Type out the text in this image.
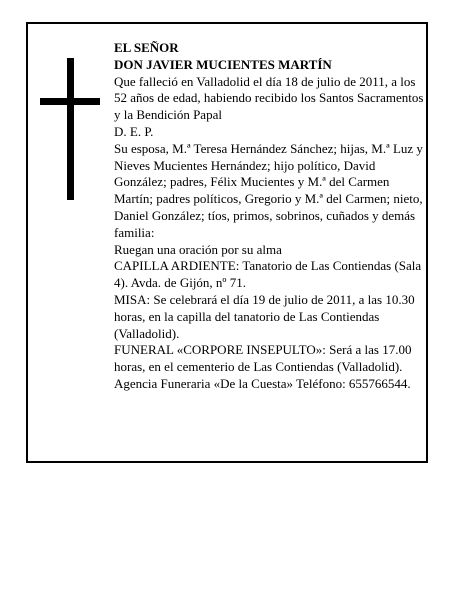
EL SEÑOR

DON JAVIER MUCIENTES MARTÍN

Que falleció en Valladolid el día 18 de julio de 2011, a los 52 años de edad, habiendo recibido los Santos Sacramentos y la Bendición Papal

D. E. P.

Su esposa, M.ª Teresa Hernández Sánchez; hijas, M.ª Luz y Nieves Mucientes Hernández; hijo político, David González; padres, Félix Mucientes y M.ª del Carmen Martín; padres políticos, Gregorio y M.ª del Carmen; nieto, Daniel González; tíos, primos, sobrinos, cuñados y demás familia:

Ruegan una oración por su alma

CAPILLA ARDIENTE: Tanatorio de Las Contiendas (Sala 4). Avda. de Gijón, nº 71.

MISA: Se celebrará el día 19 de julio de 2011, a las 10.30 horas, en la capilla del tanatorio de Las Contiendas (Valladolid).

FUNERAL «CORPORE INSEPULTO»: Será a las 17.00 horas, en el cementerio de Las Contiendas (Valladolid).

Agencia Funeraria «De la Cuesta» Teléfono: 655766544.
